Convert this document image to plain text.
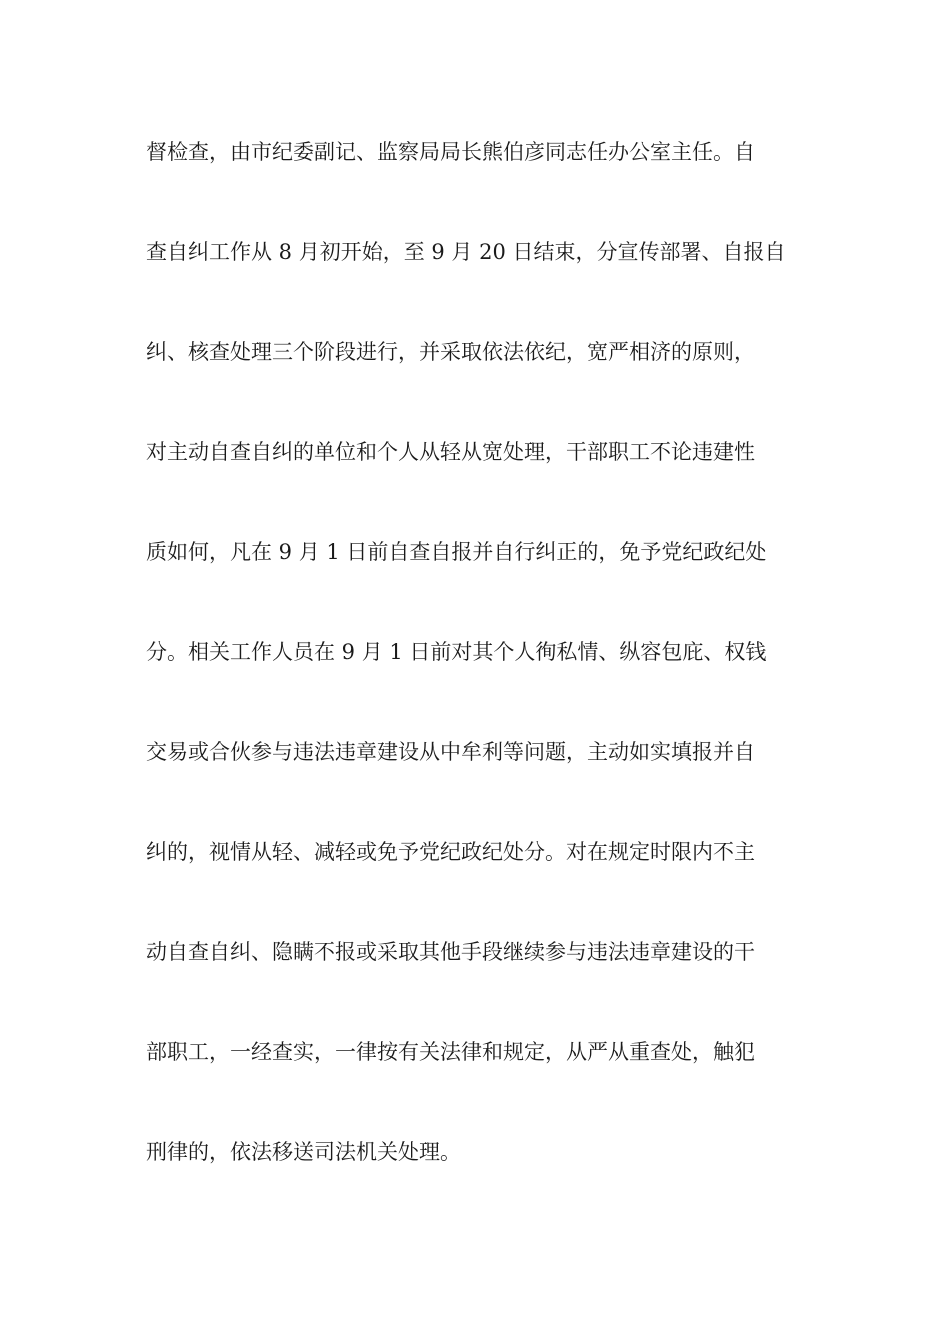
督检查，由市纪委副记、监察局局长熊伯彦同志任办公室主任。自
查自纠工作从 8 月初开始，至 9 月 20 日结束，分宣传部署、自报自
纠、核查处理三个阶段进行，并采取依法依纪，宽严相济的原则，
对主动自查自纠的单位和个人从轻从宽处理，干部职工不论违建性
质如何，凡在 9 月 1 日前自查自报并自行纠正的，免予党纪政纪处
分。相关工作人员在 9 月 1 日前对其个人徇私情、纵容包庇、权钱
交易或合伙参与违法违章建设从中牟利等问题，主动如实填报并自
纠的，视情从轻、减轻或免予党纪政纪处分。对在规定时限内不主
动自查自纠、隐瞒不报或采取其他手段继续参与违法违章建设的干
部职工，一经查实，一律按有关法律和规定，从严从重查处，触犯
刑律的，依法移送司法机关处理。
